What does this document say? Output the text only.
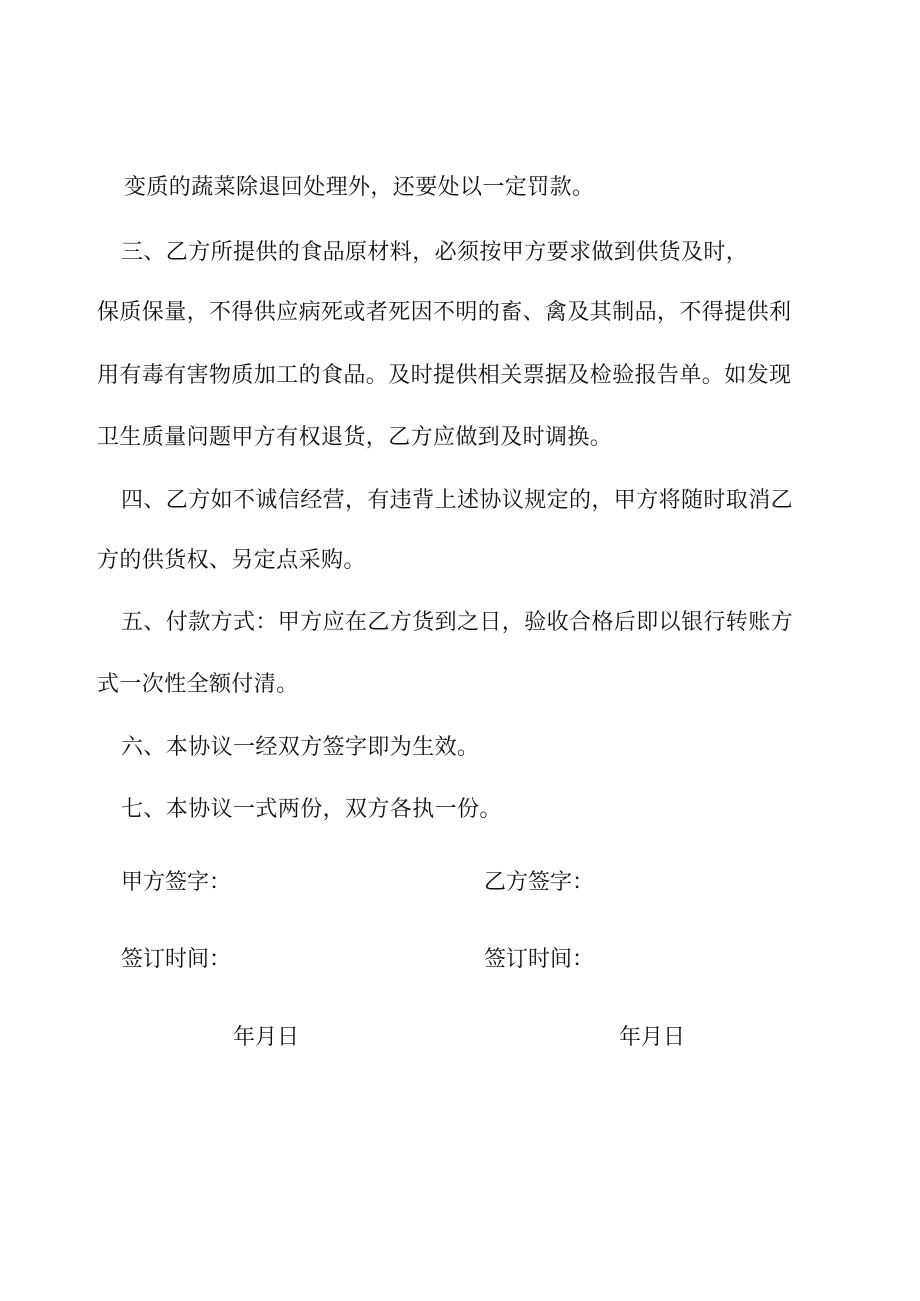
变质的蔬菜除退回处理外，还要处以一定罚款。
三、乙方所提供的食品原材料，必须按甲方要求做到供货及时，
保质保量，不得供应病死或者死因不明的畜、禽及其制品，不得提供利
用有毒有害物质加工的食品。及时提供相关票据及检验报告单。如发现
卫生质量问题甲方有权退货，乙方应做到及时调换。
四、乙方如不诚信经营，有违背上述协议规定的，甲方将随时取消乙
方的供货权、另定点采购。
五、付款方式：甲方应在乙方货到之日，验收合格后即以银行转账方
式一次性全额付清。
六、本协议一经双方签字即为生效。
七、本协议一式两份，双方各执一份。
甲方签字：	乙方签字：
签订时间：	签订时间：
年月日	年月日
